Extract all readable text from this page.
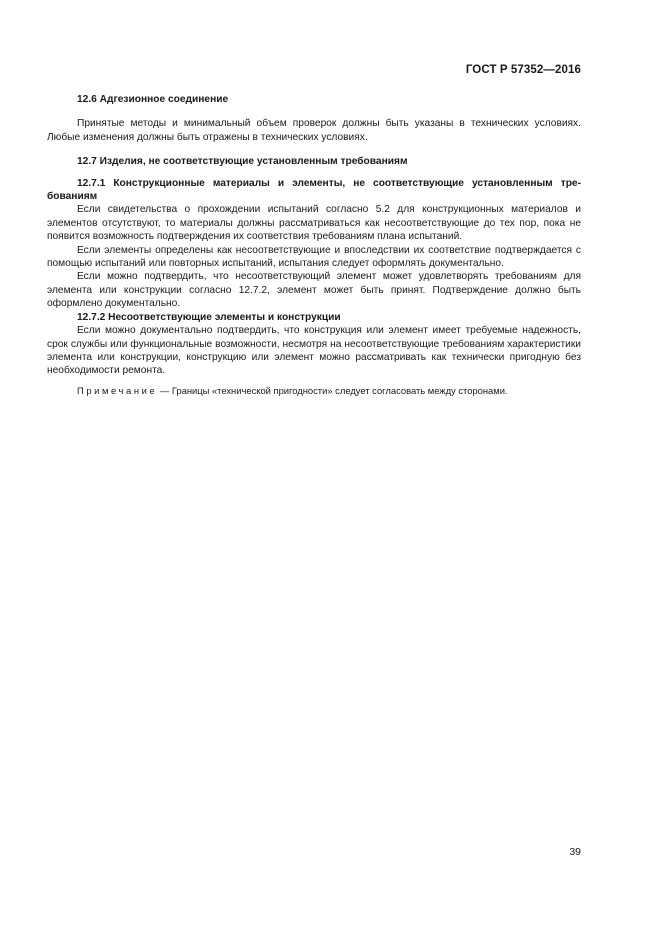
ГОСТ Р 57352—2016

12.6 Адгезионное соединение

Принятые методы и минимальный объем проверок должны быть указаны в технических условиях. Любые изменения должны быть отражены в технических условиях.

12.7 Изделия, не соответствующие установленным требованиям

12.7.1 Конструкционные материалы и элементы, не соответствующие установленным требованиям

Если свидетельства о прохождении испытаний согласно 5.2 для конструкционных материалов и элементов отсутствуют, то материалы должны рассматриваться как несоответствующие до тех пор, пока не появится возможность подтверждения их соответствия требованиям плана испытаний.

Если элементы определены как несоответствующие и впоследствии их соответствие подтверждается с помощью испытаний или повторных испытаний, испытания следует оформлять документально.

Если можно подтвердить, что несоответствующий элемент может удовлетворять требованиям для элемента или конструкции согласно 12.7.2, элемент может быть принят. Подтверждение должно быть оформлено документально.

12.7.2 Несоответствующие элементы и конструкции

Если можно документально подтвердить, что конструкция или элемент имеет требуемые надежность, срок службы или функциональные возможности, несмотря на несоответствующие требованиям характеристики элемента или конструкции, конструкцию или элемент можно рассматривать как технически пригодную без необходимости ремонта.

Примечание — Границы «технической пригодности» следует согласовать между сторонами.

39
